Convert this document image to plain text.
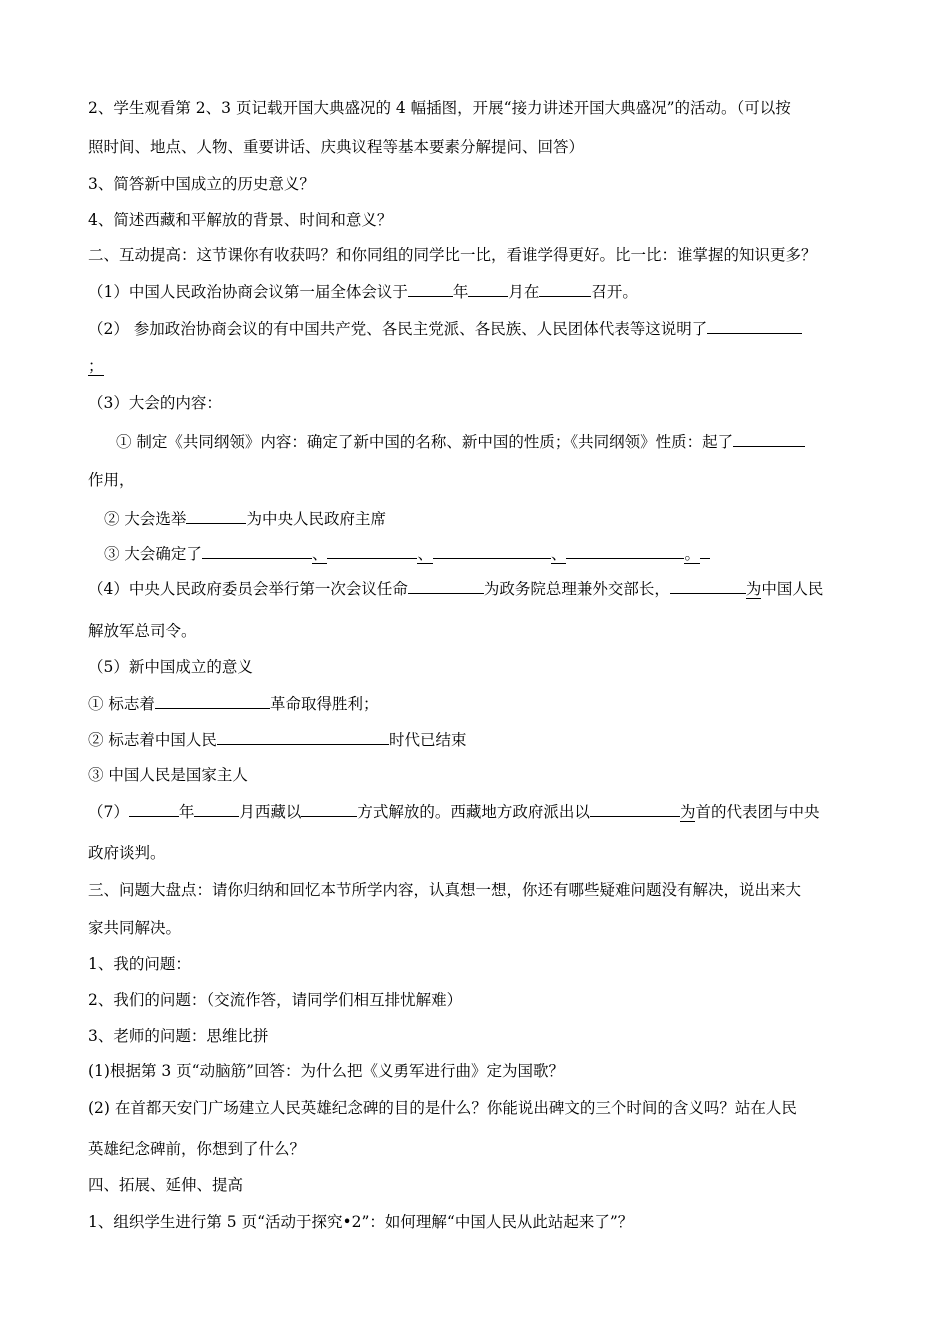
2、学生观看第 2、3 页记载开国大典盛况的 4 幅插图，开展“接力讲述开国大典盛况”的活动。（可以按
照时间、地点、人物、重要讲话、庆典议程等基本要素分解提问、回答）
3、简答新中国成立的历史意义？
4、简述西藏和平解放的背景、时间和意义？
二、互动提高：这节课你有收获吗？和你同组的同学比一比，看谁学得更好。比一比：谁掌握的知识更多？
（1）中国人民政治协商会议第一届全体会议于	年	月在	召开。
（2） 参加政治协商会议的有中国共产党、各民主党派、各民族、人民团体代表等这说明了
；
（3）大会的内容：
① 制定《共同纲领》内容：确定了新中国的名称、新中国的性质；《共同纲领》性质：起了
作用，
② 大会选举	为中央人民政府主席
③ 大会确定了	、	、	、	。
（4）中央人民政府委员会举行第一次会议任命	为政务院总理兼外交部长，	为中国人民
解放军总司令。
（5）新中国成立的意义
① 标志着	革命取得胜利；
② 标志着中国人民	时代已结束
③ 中国人民是国家主人
（7）	年	月西藏以	方式解放的。西藏地方政府派出以	为首的代表团与中央
政府谈判。
三、问题大盘点：请你归纳和回忆本节所学内容，认真想一想，你还有哪些疑难问题没有解决，说出来大
家共同解决。
1、我的问题：
2、我们的问题：（交流作答，请同学们相互排忧解难）
3、老师的问题：思维比拼
(1)根据第 3 页“动脑筋”回答：为什么把《义勇军进行曲》定为国歌？
(2) 在首都天安门广场建立人民英雄纪念碑的目的是什么？你能说出碑文的三个时间的含义吗？站在人民
英雄纪念碑前，你想到了什么？
四、拓展、延伸、提高
1、组织学生进行第 5 页“活动于探究•2”：如何理解“中国人民从此站起来了”？
